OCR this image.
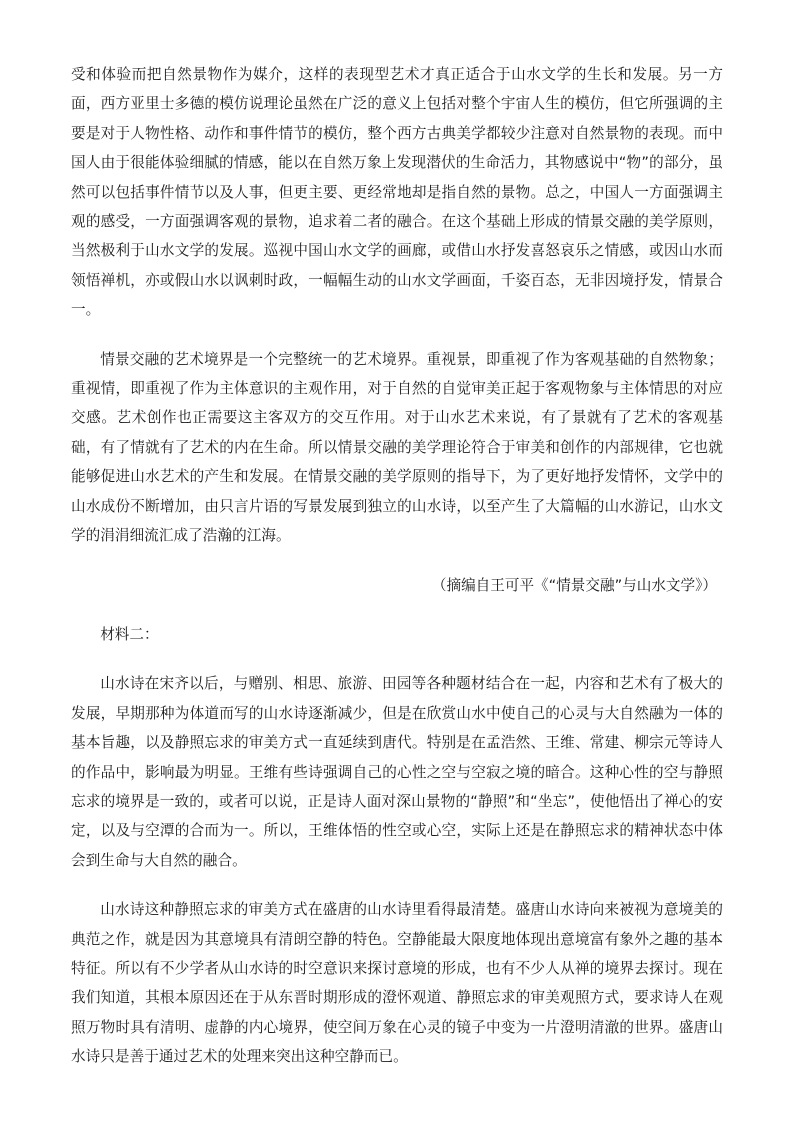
受和体验而把自然景物作为媒介，这样的表现型艺术才真正适合于山水文学的生长和发展。另一方面，西方亚里士多德的模仿说理论虽然在广泛的意义上包括对整个宇宙人生的模仿，但它所强调的主要是对于人物性格、动作和事件情节的模仿，整个西方古典美学都较少注意对自然景物的表现。而中国人由于很能体验细腻的情感，能以在自然万象上发现潜伏的生命活力，其物感说中“物”的部分，虽然可以包括事件情节以及人事，但更主要、更经常地却是指自然的景物。总之，中国人一方面强调主观的感受，一方面强调客观的景物，追求着二者的融合。在这个基础上形成的情景交融的美学原则，当然极利于山水文学的发展。巡视中国山水文学的画廊，或借山水抒发喜怒哀乐之情感，或因山水而领悟禅机，亦或假山水以讽刺时政，一幅幅生动的山水文学画面，千姿百态，无非因境抒发，情景合一。

情景交融的艺术境界是一个完整统一的艺术境界。重视景，即重视了作为客观基础的自然物象；重视情，即重视了作为主体意识的主观作用，对于自然的自觉审美正起于客观物象与主体情思的对应交感。艺术创作也正需要这主客双方的交互作用。对于山水艺术来说，有了景就有了艺术的客观基础，有了情就有了艺术的内在生命。所以情景交融的美学理论符合于审美和创作的内部规律，它也就能够促进山水艺术的产生和发展。在情景交融的美学原则的指导下，为了更好地抒发情怀，文学中的山水成份不断增加，由只言片语的写景发展到独立的山水诗，以至产生了大篇幅的山水游记，山水文学的涓涓细流汇成了浩瀚的江海。

（摘编自王可平《“情景交融”与山水文学》）

材料二：

山水诗在宋齐以后，与赠别、相思、旅游、田园等各种题材结合在一起，内容和艺术有了极大的发展，早期那种为体道而写的山水诗逐渐减少，但是在欣赏山水中使自己的心灵与大自然融为一体的基本旨趣，以及静照忘求的审美方式一直延续到唐代。特别是在孟浩然、王维、常建、柳宗元等诗人的作品中，影响最为明显。王维有些诗强调自己的心性之空与空寂之境的暗合。这种心性的空与静照忘求的境界是一致的，或者可以说，正是诗人面对深山景物的“静照”和“坐忘”，使他悟出了禅心的安定，以及与空潭的合而为一。所以，王维体悟的性空或心空，实际上还是在静照忘求的精神状态中体会到生命与大自然的融合。

山水诗这种静照忘求的审美方式在盛唐的山水诗里看得最清楚。盛唐山水诗向来被视为意境美的典范之作，就是因为其意境具有清朗空静的特色。空静能最大限度地体现出意境富有象外之趣的基本特征。所以有不少学者从山水诗的时空意识来探讨意境的形成，也有不少人从禅的境界去探讨。现在我们知道，其根本原因还在于从东晋时期形成的澄怀观道、静照忘求的审美观照方式，要求诗人在观照万物时具有清明、虚静的内心境界，使空间万象在心灵的镜子中变为一片澄明清澈的世界。盛唐山水诗只是善于通过艺术的处理来突出这种空静而已。
